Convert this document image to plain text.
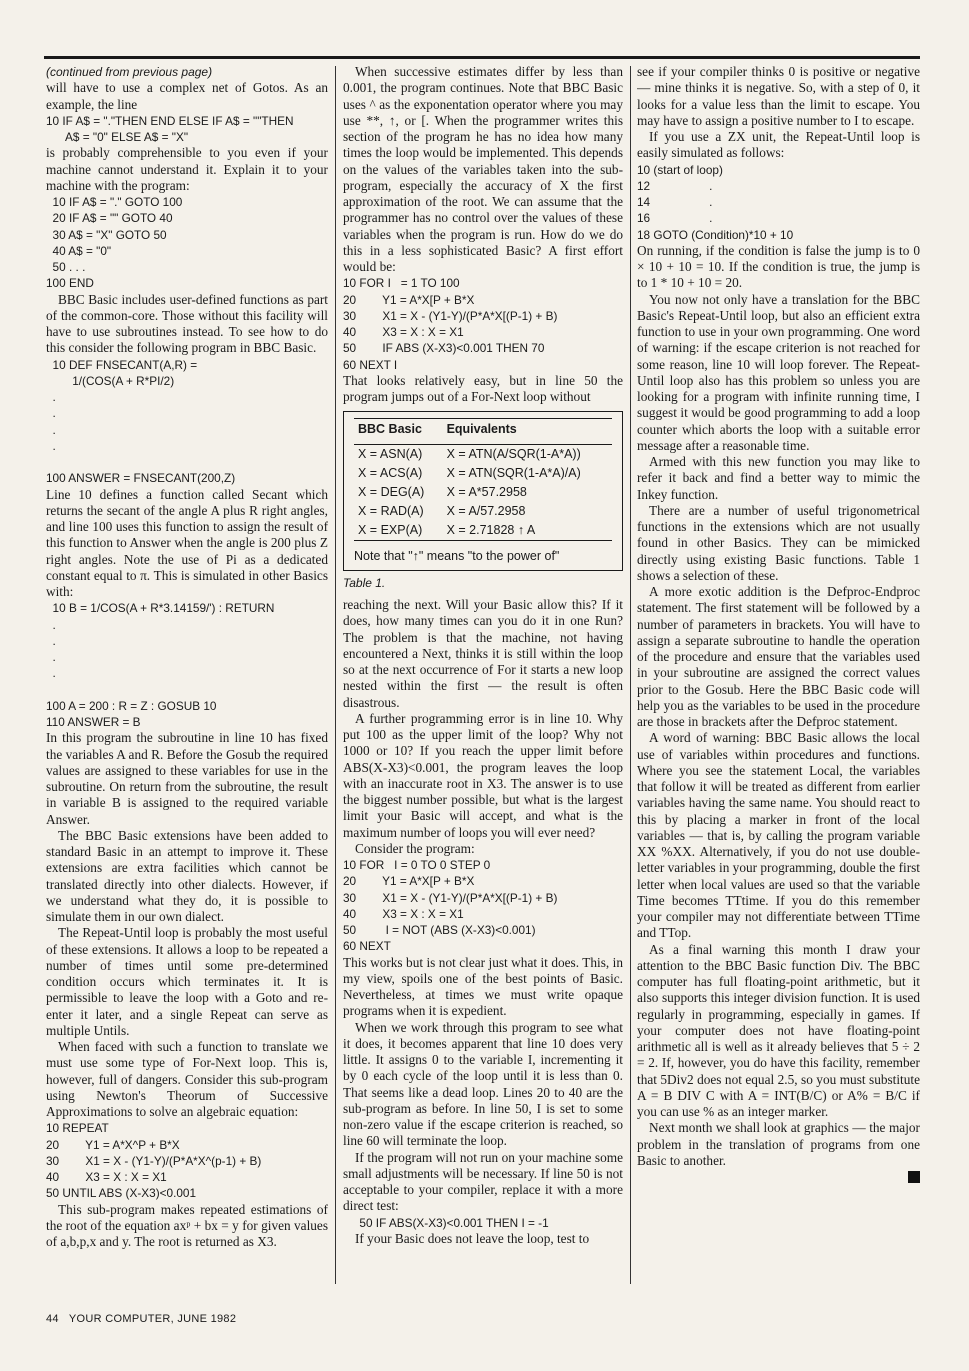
(continued from previous page)

will have to use a complex net of Gotos. As an example, the line

10 IF A$ = "."THEN END ELSE IF A$ = ""THEN
A$ = "0" ELSE A$ = "X"

is probably comprehensible to you even if your machine cannot understand it. Explain it to your machine with the program:

10 IF A$ = "." GOTO 100
20 IF A$ = "" GOTO 40
30 A$ = "X" GOTO 50
40 A$ = "0"
50 . . .
100 END

BBC Basic includes user-defined functions as part of the common-core. Those without this facility will have to use subroutines instead. To see how to do this consider the following program in BBC Basic.

10 DEF FNSECANT(A,R) =
1/(COS(A + R*PI/2)
.
.
.
.

100 ANSWER = FNSECANT(200,Z)

Line 10 defines a function called Secant which returns the secant of the angle A plus R right angles, and line 100 uses this function to assign the result of this function to Answer when the angle is 200 plus Z right angles. Note the use of Pi as a dedicated constant equal to π. This is simulated in other Basics with:

10 B = 1/COS(A + R*3.14159/') : RETURN
.
.
.
.

100 A = 200 : R = Z : GOSUB 10
110 ANSWER = B

In this program the subroutine in line 10 has fixed the variables A and R. Before the Gosub the required values are assigned to these variables for use in the subroutine. On return from the subroutine, the result in variable B is assigned to the required variable Answer.

The BBC Basic extensions have been added to standard Basic in an attempt to improve it. These extensions are extra facilities which cannot be translated directly into other dialects. However, if we understand what they do, it is possible to simulate them in our own dialect.

The Repeat-Until loop is probably the most useful of these extensions. It allows a loop to be repeated a number of times until some pre-determined condition occurs which terminates it. It is permissible to leave the loop with a Goto and re-enter it later, and a single Repeat can serve as multiple Untils.

When faced with such a function to translate we must use some type of For-Next loop. This is, however, full of dangers. Consider this sub-program using Newton's Theorum of Successive Approximations to solve an algebraic equation:

10 REPEAT
20        Y1 = A*X^P + B*X
30        X1 = X - (Y1-Y)/(P*A*X^(p-1) + B)
40        X3 = X : X = X1
50 UNTIL ABS (X-X3)<0.001

This sub-program makes repeated estimations of the root of the equation axᵖ + bx = y for given values of a,b,p,x and y. The root is returned as X3.

When successive estimates differ by less than 0.001, the program continues. Note that BBC Basic uses ^ as the exponentation operator where you may use **, ↑, or [. When the programmer writes this section of the program he has no idea how many times the loop would be implemented. This depends on the values of the variables taken into the sub-program, especially the accuracy of X the first approximation of the root. We can assume that the programmer has no control over the values of these variables when the program is run. How do we do this in a less sophisticated Basic? A first effort would be:

10 FOR I   = 1 TO 100
20        Y1 = A*X[P + B*X
30        X1 = X - (Y1-Y)/(P*A*X[(P-1) + B)
40        X3 = X : X = X1
50        IF ABS (X-X3)<0.001 THEN 70
60 NEXT I

That looks relatively easy, but in line 50 the program jumps out of a For-Next loop without

BBC Basic	Equivalents
X = ASN(A)	X = ATN(A/SQR(1-A*A))
X = ACS(A)	X = ATN(SQR(1-A*A)/A)
X = DEG(A)	X = A*57.2958
X = RAD(A)	X = A/57.2958
X = EXP(A)	X = 2.71828 ↑ A
Note that "↑" means "to the power of"
Table 1.

reaching the next. Will your Basic allow this? If it does, how many times can you do it in one Run? The problem is that the machine, not having encountered a Next, thinks it is still within the loop so at the next occurrence of For it starts a new loop nested within the first — the result is often disastrous.

A further programming error is in line 10. Why put 100 as the upper limit of the loop? Why not 1000 or 10? If you reach the upper limit before ABS(X-X3)<0.001, the program leaves the loop with an inaccurate root in X3. The answer is to use the biggest number possible, but what is the largest limit your Basic will accept, and what is the maximum number of loops you will ever need?

Consider the program:

10 FOR   I = 0 TO 0 STEP 0
20        Y1 = A*X[P + B*X
30        X1 = X - (Y1-Y)/(P*A*X[(P-1) + B)
40        X3 = X : X = X1
50         I = NOT (ABS (X-X3)<0.001)
60 NEXT

This works but is not clear just what it does. This, in my view, spoils one of the best points of Basic. Nevertheless, at times we must write opaque programs when it is expedient.

When we work through this program to see what it does, it becomes apparent that line 10 does very little. It assigns 0 to the variable I, incrementing it by 0 each cycle of the loop until it is less than 0. That seems like a dead loop. Lines 20 to 40 are the sub-program as before. In line 50, I is set to some non-zero value if the escape criterion is reached, so line 60 will terminate the loop.

If the program will not run on your machine some small adjustments will be necessary. If line 50 is not acceptable to your compiler, replace it with a more direct test:

50 IF ABS(X-X3)<0.001 THEN I = -1

If your Basic does not leave the loop, test to

see if your compiler thinks 0 is positive or negative — mine thinks it is negative. So, with a step of 0, it looks for a value less than the limit to escape. You may have to assign a positive number to I to escape.

If you use a ZX unit, the Repeat-Until loop is easily simulated as follows:

10 (start of loop)
12                  .
14                  .
16                  .
18 GOTO (Condition)*10 + 10

On running, if the condition is false the jump is to 0 × 10 + 10 = 10. If the condition is true, the jump is to 1 * 10 + 10 = 20.

You now not only have a translation for the BBC Basic's Repeat-Until loop, but also an efficient extra function to use in your own programming. One word of warning: if the escape criterion is not reached for some reason, line 10 will loop forever. The Repeat-Until loop also has this problem so unless you are looking for a program with infinite running time, I suggest it would be good programming to add a loop counter which aborts the loop with a suitable error message after a reasonable time.

Armed with this new function you may like to refer it back and find a better way to mimic the Inkey function.

There are a number of useful trigonometrical functions in the extensions which are not usually found in other Basics. They can be mimicked directly using existing Basic functions. Table 1 shows a selection of these.

A more exotic addition is the Defproc-Endproc statement. The first statement will be followed by a number of parameters in brackets. You will have to assign a separate subroutine to handle the operation of the procedure and ensure that the variables used in your subroutine are assigned the correct values prior to the Gosub. Here the BBC Basic code will help you as the variables to be used in the procedure are those in brackets after the Defproc statement.

A word of warning: BBC Basic allows the local use of variables within procedures and functions. Where you see the statement Local, the variables that follow it will be treated as different from earlier variables having the same name. You should react to this by placing a marker in front of the local variables — that is, by calling the program variable XX %XX. Alternatively, if you do not use double-letter variables in your programming, double the first letter when local values are used so that the variable Time becomes TTtime. If you do this remember your compiler may not differentiate between TTime and TTop.

As a final warning this month I draw your attention to the BBC Basic function Div. The BBC computer has full floating-point arithmetic, but it also supports this integer division function. It is used regularly in programming, especially in games. If your computer does not have floating-point arithmetic all is well as it already believes that 5 ÷ 2 = 2. If, however, you do have this facility, remember that 5Div2 does not equal 2.5, so you must substitute A = B DIV C with A = INT(B/C) or A% = B/C if you can use % as an integer marker.

Next month we shall look at graphics — the major problem in the translation of programs from one Basic to another.

44 YOUR COMPUTER, JUNE 1982
